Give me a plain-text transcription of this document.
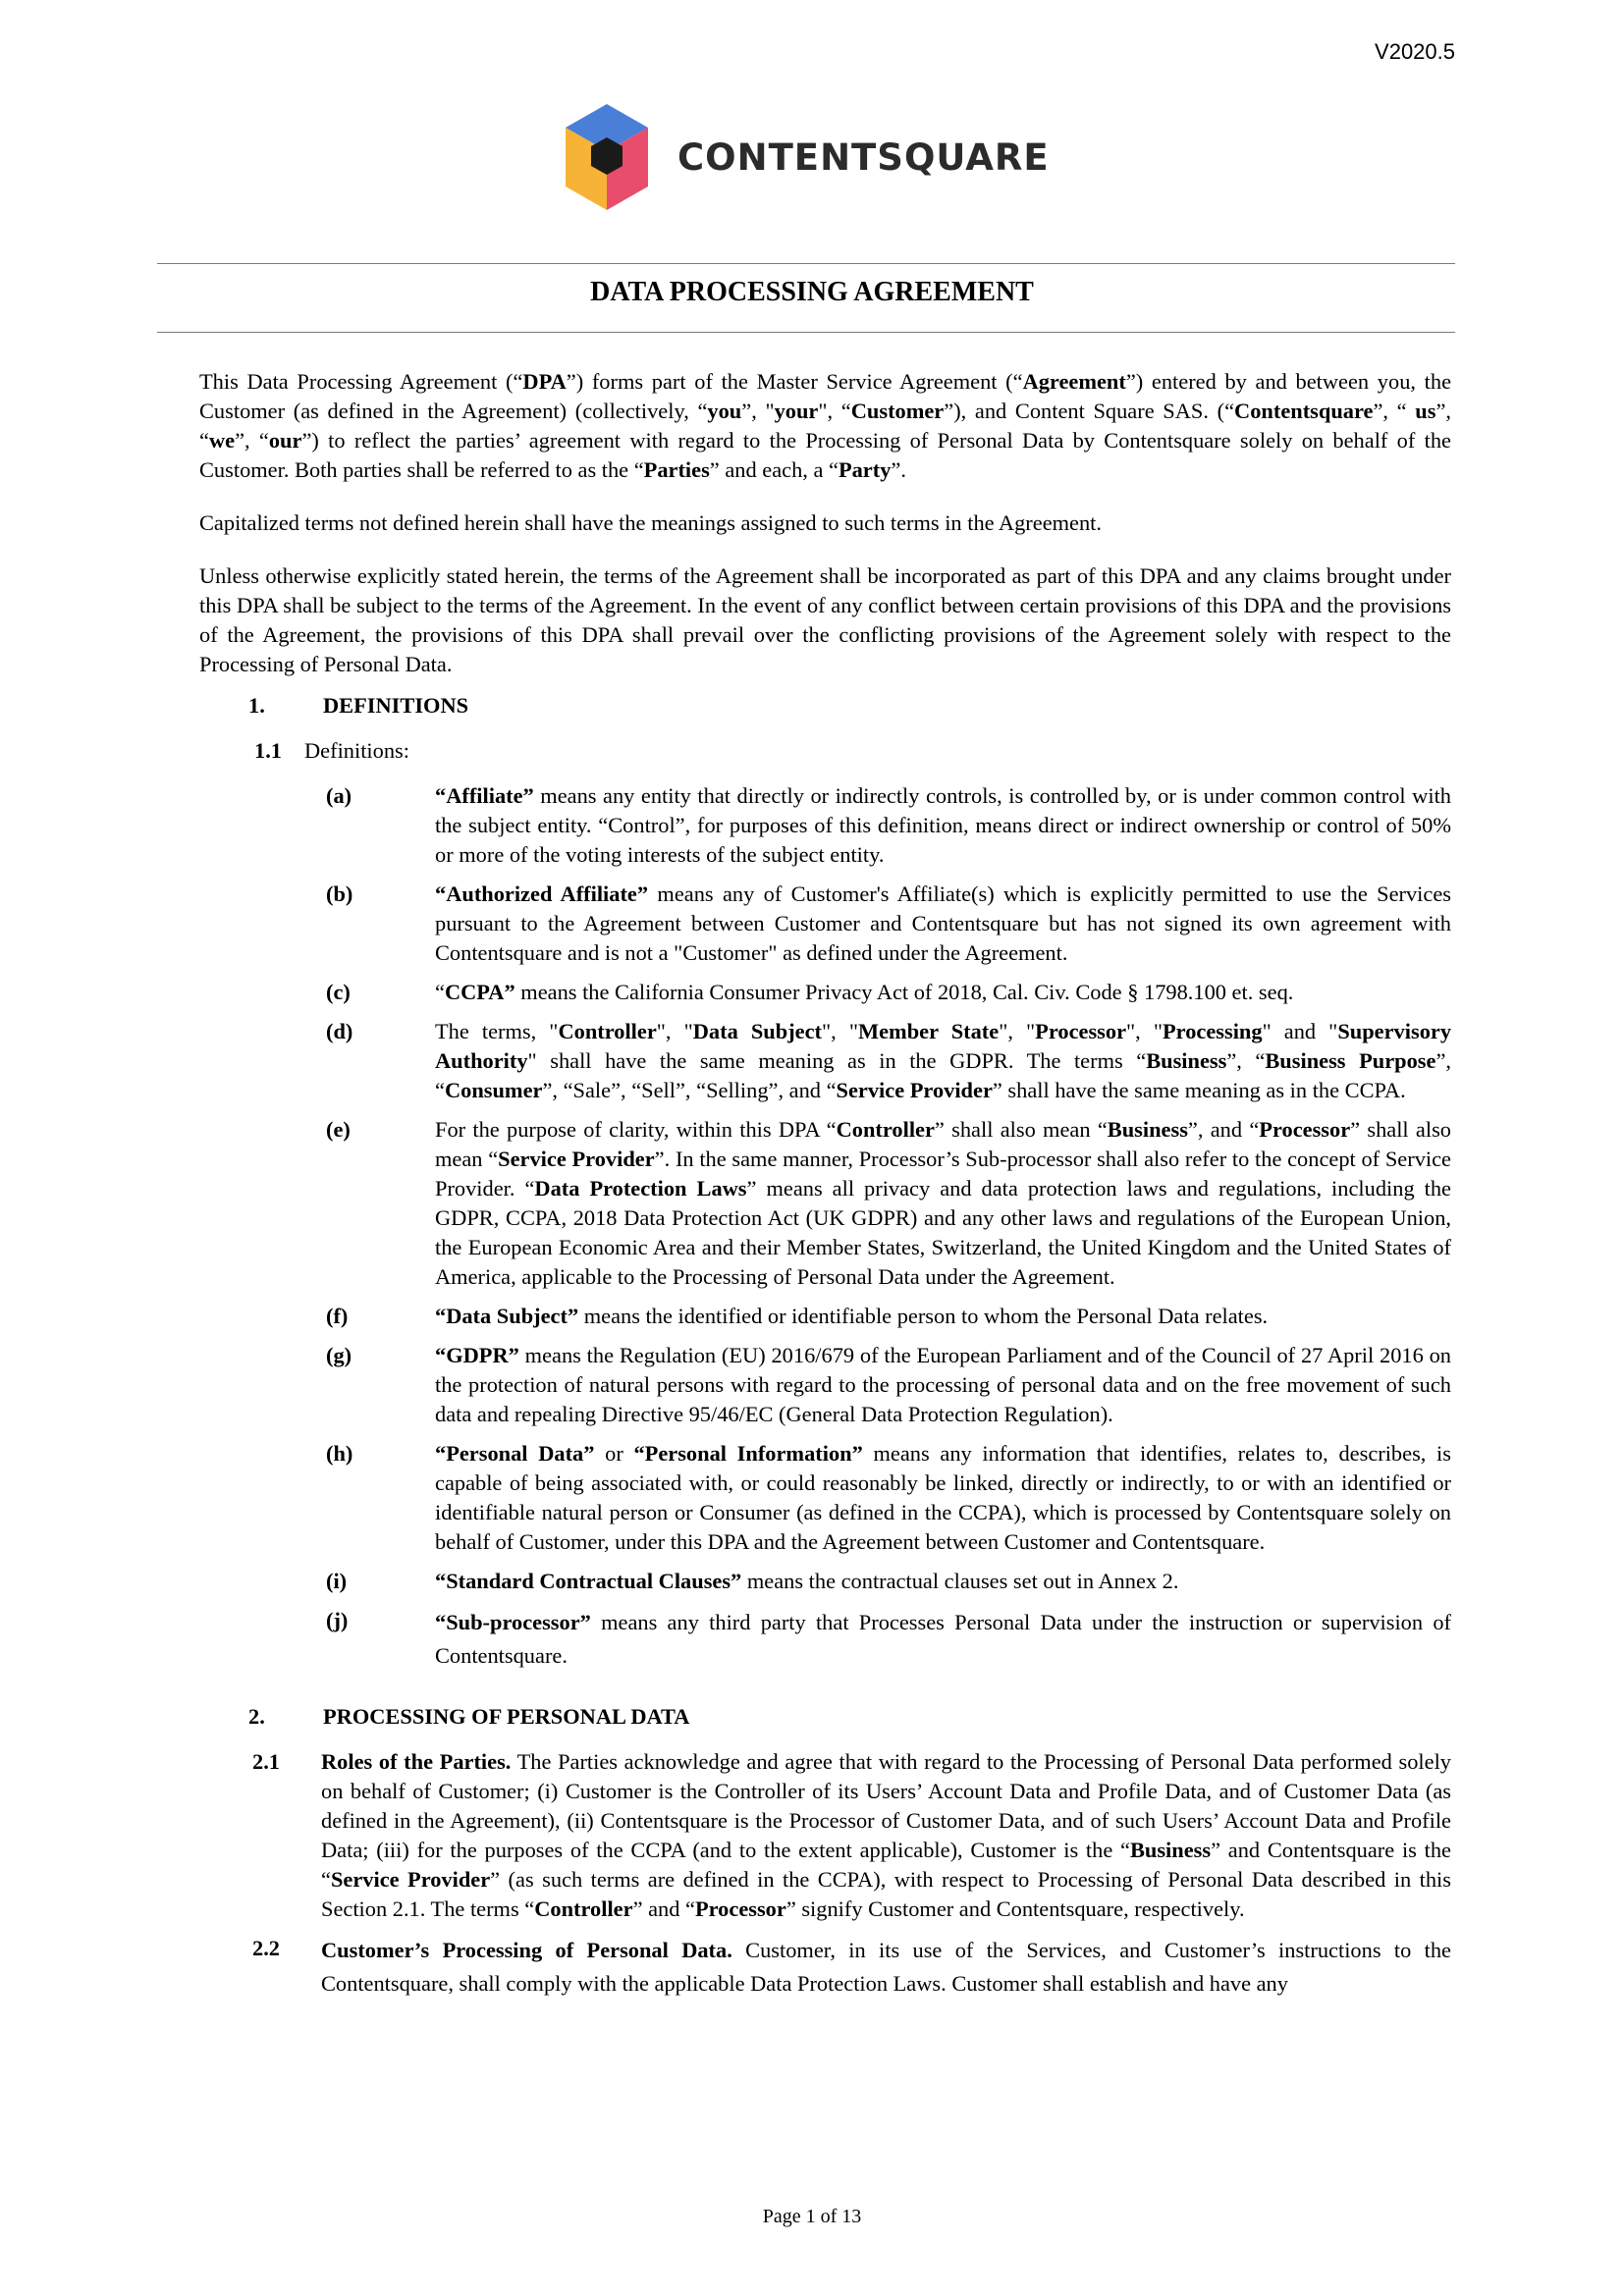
V2020.5
CONTENTSQUARE
DATA PROCESSING AGREEMENT

This Data Processing Agreement (“DPA”) forms part of the Master Service Agreement (“Agreement”) entered by and between you, the Customer (as defined in the Agreement) (collectively, “you”, "your", “Customer”), and Content Square SAS. (“Contentsquare”, “ us”, “we”, “our”) to reflect the parties’ agreement with regard to the Processing of Personal Data by Contentsquare solely on behalf of the Customer. Both parties shall be referred to as the “Parties” and each, a “Party”.

Capitalized terms not defined herein shall have the meanings assigned to such terms in the Agreement.

Unless otherwise explicitly stated herein, the terms of the Agreement shall be incorporated as part of this DPA and any claims brought under this DPA shall be subject to the terms of the Agreement. In the event of any conflict between certain provisions of this DPA and the provisions of the Agreement, the provisions of this DPA shall prevail over the conflicting provisions of the Agreement solely with respect to the Processing of Personal Data.

1.	DEFINITIONS
1.1 Definitions:
(a)	“Affiliate” means any entity that directly or indirectly controls, is controlled by, or is under common control with the subject entity. “Control”, for purposes of this definition, means direct or indirect ownership or control of 50% or more of the voting interests of the subject entity.
(b)	“Authorized Affiliate” means any of Customer's Affiliate(s) which is explicitly permitted to use the Services pursuant to the Agreement between Customer and Contentsquare but has not signed its own agreement with Contentsquare and is not a "Customer" as defined under the Agreement.
(c)	“CCPA” means the California Consumer Privacy Act of 2018, Cal. Civ. Code § 1798.100 et. seq.
(d)	The terms, "Controller", "Data Subject", "Member State", "Processor", "Processing" and "Supervisory Authority" shall have the same meaning as in the GDPR. The terms “Business”, “Business Purpose”, “Consumer”, “Sale”, “Sell”, “Selling”, and “Service Provider” shall have the same meaning as in the CCPA.
(e)	For the purpose of clarity, within this DPA “Controller” shall also mean “Business”, and “Processor” shall also mean “Service Provider”. In the same manner, Processor’s Sub-processor shall also refer to the concept of Service Provider. “Data Protection Laws” means all privacy and data protection laws and regulations, including the GDPR, CCPA, 2018 Data Protection Act (UK GDPR) and any other laws and regulations of the European Union, the European Economic Area and their Member States, Switzerland, the United Kingdom and the United States of America, applicable to the Processing of Personal Data under the Agreement.
(f)	“Data Subject” means the identified or identifiable person to whom the Personal Data relates.
(g)	“GDPR” means the Regulation (EU) 2016/679 of the European Parliament and of the Council of 27 April 2016 on the protection of natural persons with regard to the processing of personal data and on the free movement of such data and repealing Directive 95/46/EC (General Data Protection Regulation).
(h)	“Personal Data” or “Personal Information” means any information that identifies, relates to, describes, is capable of being associated with, or could reasonably be linked, directly or indirectly, to or with an identified or identifiable natural person or Consumer (as defined in the CCPA), which is processed by Contentsquare solely on behalf of Customer, under this DPA and the Agreement between Customer and Contentsquare.
(i)	“Standard Contractual Clauses” means the contractual clauses set out in Annex 2.
(j)	“Sub-processor” means any third party that Processes Personal Data under the instruction or supervision of Contentsquare.
2.	PROCESSING OF PERSONAL DATA
2.1	Roles of the Parties. The Parties acknowledge and agree that with regard to the Processing of Personal Data performed solely on behalf of Customer; (i) Customer is the Controller of its Users’ Account Data and Profile Data, and of Customer Data (as defined in the Agreement), (ii) Contentsquare is the Processor of Customer Data, and of such Users’ Account Data and Profile Data; (iii) for the purposes of the CCPA (and to the extent applicable), Customer is the “Business” and Contentsquare is the “Service Provider” (as such terms are defined in the CCPA), with respect to Processing of Personal Data described in this Section 2.1. The terms “Controller” and “Processor” signify Customer and Contentsquare, respectively.
2.2	Customer’s Processing of Personal Data. Customer, in its use of the Services, and Customer’s instructions to the Contentsquare, shall comply with the applicable Data Protection Laws. Customer shall establish and have any
Page 1 of 13
